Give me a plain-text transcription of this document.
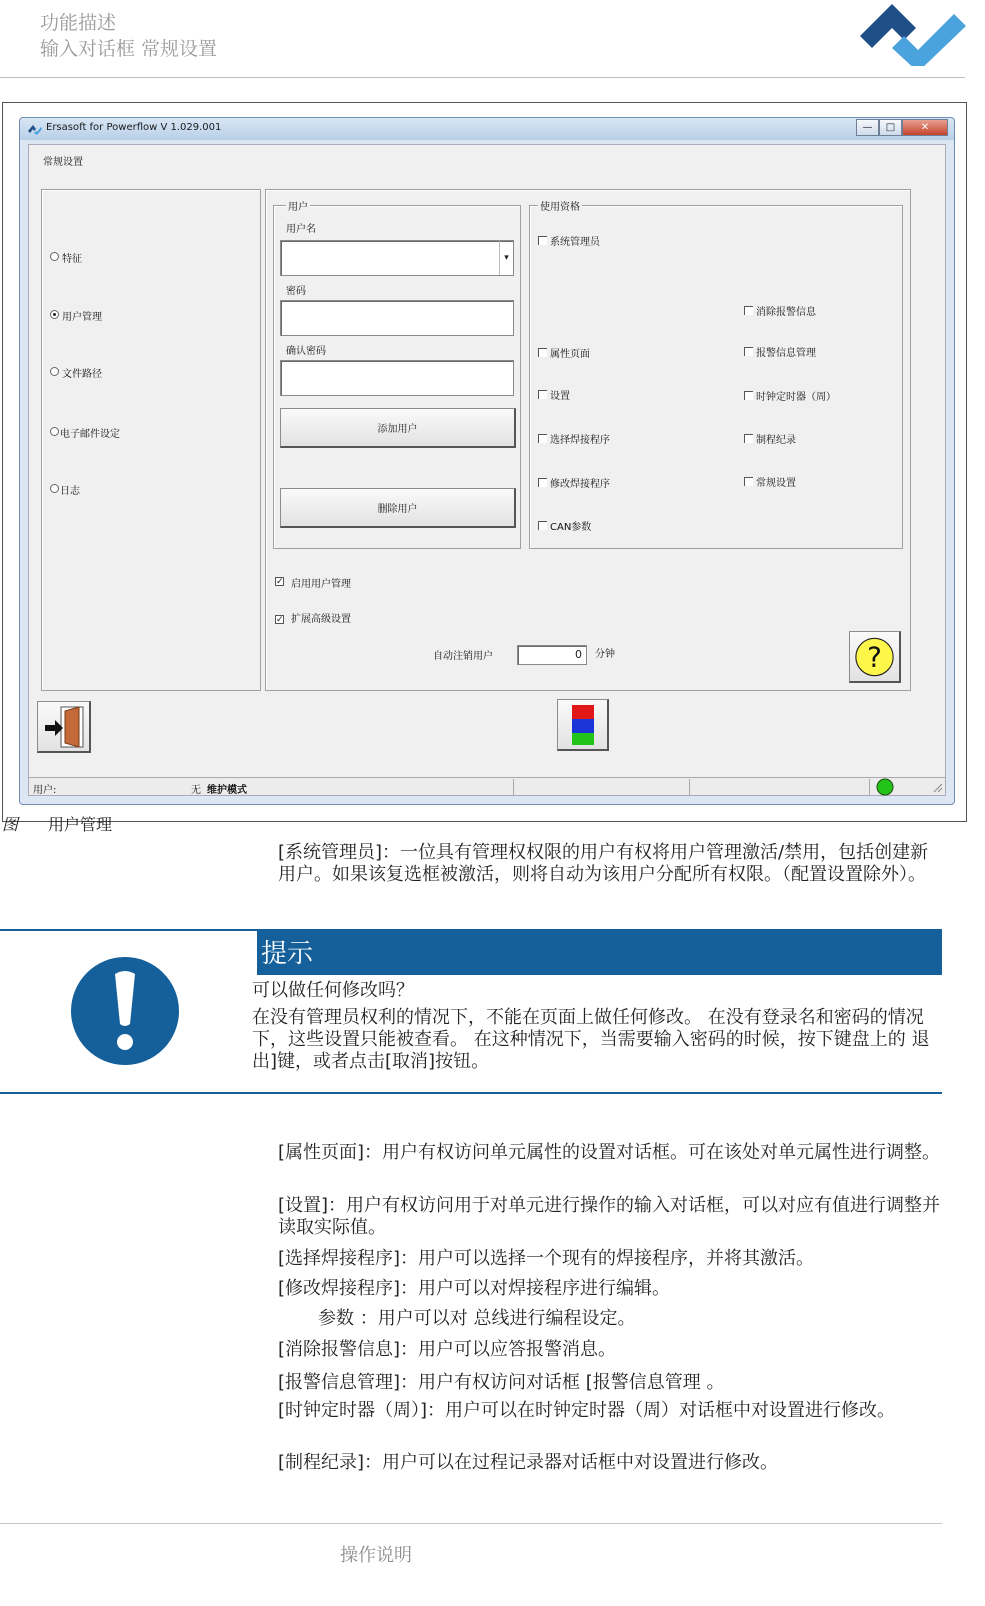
功能描述
输入对话框 常规设置
Ersasoft for Powerflow V 1.029.001	—	□	✕
常规设置
特征
用户管理
文件路径
电子邮件设定
日志
用户
用户名
▾
密码
确认密码
添加用户
删除用户
使用资格
系统管理员
消除报警信息
属性页面	报警信息管理
设置	时钟定时器（周）
选择焊接程序	制程纪录
修改焊接程序	常规设置
CAN参数
✓ 启用用户管理
✓ 扩展高级设置
自动注销用户	0	分钟	?
用户:	无 维护模式
图 用户管理
[系统管理员]：一位具有管理权权限的用户有权将用户管理激活/禁用，包括创建新用户。如果该复选框被激活，则将自动为该用户分配所有权限。（配置设置除外）。
提示
可以做任何修改吗？
在没有管理员权利的情况下，不能在页面上做任何修改。 在没有登录名和密码的情况下，这些设置只能被查看。 在这种情况下，当需要输入密码的时候，按下键盘上的 退出]键，或者点击[取消]按钮。
[属性页面]：用户有权访问单元属性的设置对话框。可在该处对单元属性进行调整。
[设置]：用户有权访问用于对单元进行操作的输入对话框，可以对应有值进行调整并读取实际值。
[选择焊接程序]：用户可以选择一个现有的焊接程序，并将其激活。
[修改焊接程序]：用户可以对焊接程序进行编辑。
参数 ：用户可以对 总线进行编程设定。
[消除报警信息]：用户可以应答报警消息。
[报警信息管理]：用户有权访问对话框 [报警信息管理 。
[时钟定时器（周）]：用户可以在时钟定时器（周）对话框中对设置进行修改。
[制程纪录]：用户可以在过程记录器对话框中对设置进行修改。
操作说明
